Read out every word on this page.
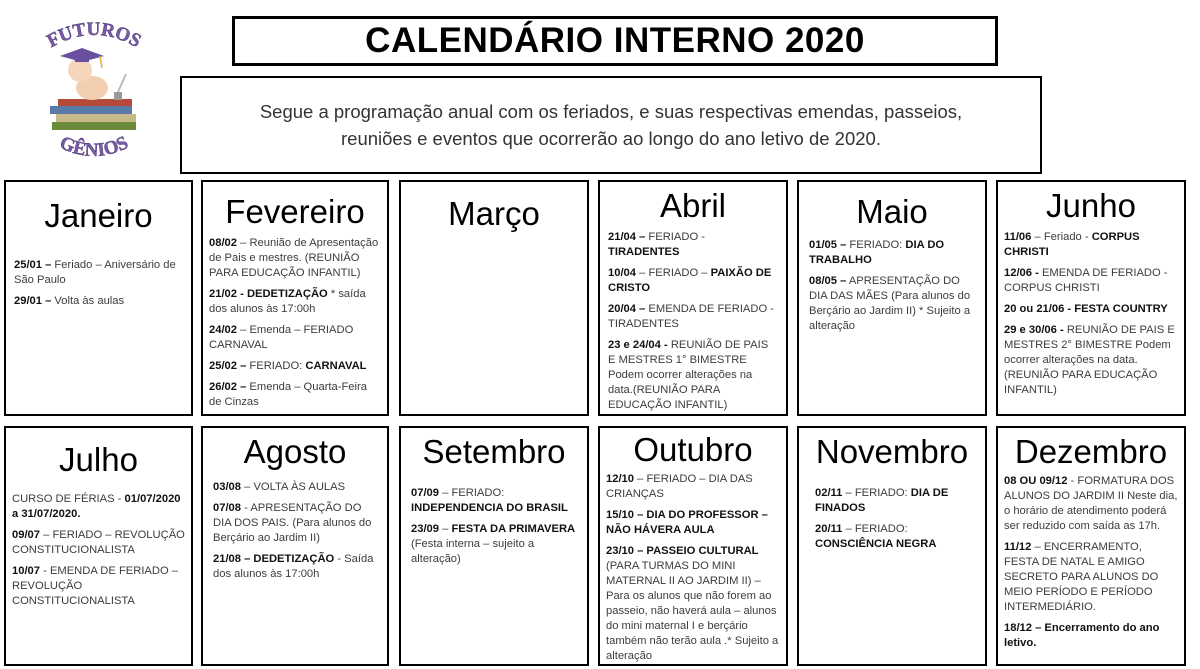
FUTUROS
GÊNIOS
CALENDÁRIO INTERNO 2020
Segue a programação anual com os feriados, e suas respectivas emendas, passeios,
reuniões e eventos que ocorrerão ao longo do ano letivo de 2020.
Janeiro
25/01 – Feriado – Aniversário de São Paulo
29/01 – Volta às aulas
Fevereiro
08/02 – Reunião de Apresentação de Pais e mestres. (REUNIÃO PARA EDUCAÇÃO INFANTIL)
21/02 - DEDETIZAÇÃO * saída dos alunos às 17:00h
24/02 – Emenda – FERIADO CARNAVAL
25/02 – FERIADO: CARNAVAL
26/02 – Emenda – Quarta-Feira de Cinzas
Março	Abril
21/04 – FERIADO - TIRADENTES
10/04 – FERIADO – PAIXÃO DE CRISTO
20/04 – EMENDA DE FERIADO - TIRADENTES
23 e 24/04 - REUNIÃO DE PAIS E MESTRES 1° BIMESTRE Podem ocorrer alterações na data.(REUNIÃO PARA EDUCAÇÃO INFANTIL)
Maio
01/05 – FERIADO: DIA DO TRABALHO
08/05 – APRESENTAÇÃO DO DIA DAS MÃES (Para alunos do Berçário ao Jardim II) * Sujeito a alteração
Junho
11/06 – Feriado - CORPUS CHRISTI
12/06 - EMENDA DE FERIADO - CORPUS CHRISTI
20 ou 21/06 - FESTA COUNTRY
29 e 30/06 - REUNIÃO DE PAIS E MESTRES 2° BIMESTRE Podem ocorrer alterações na data.(REUNIÃO PARA EDUCAÇÃO INFANTIL)
Julho
CURSO DE FÉRIAS - 01/07/2020 a 31/07/2020.
09/07 – FERIADO – REVOLUÇÃO CONSTITUCIONALISTA
10/07 - EMENDA DE FERIADO – REVOLUÇÃO CONSTITUCIONALISTA
Agosto
03/08 – VOLTA ÀS AULAS
07/08 - APRESENTAÇÃO DO DIA DOS PAIS. (Para alunos do Berçário ao Jardim II)
21/08 – DEDETIZAÇÃO - Saída dos alunos às 17:00h
Setembro
07/09 – FERIADO: INDEPENDENCIA DO BRASIL
23/09 – FESTA DA PRIMAVERA (Festa interna – sujeito a alteração)
Outubro
12/10 – FERIADO – DIA DAS CRIANÇAS
15/10 – DIA DO PROFESSOR – NÃO HÁVERA AULA
23/10 – PASSEIO CULTURAL (PARA TURMAS DO MINI MATERNAL II AO JARDIM II) – Para os alunos que não forem ao passeio, não haverá aula – alunos do mini maternal I e berçário também não terão aula .* Sujeito a alteração
Novembro
02/11 – FERIADO: DIA DE FINADOS
20/11 – FERIADO: CONSCIÊNCIA NEGRA
Dezembro
08 OU 09/12 - FORMATURA DOS ALUNOS DO JARDIM II Neste dia, o horário de atendimento poderá ser reduzido com saída as 17h.
11/12 – ENCERRAMENTO, FESTA DE NATAL E AMIGO SECRETO PARA ALUNOS DO MEIO PERÍODO E PERÍODO INTERMEDIÁRIO.
18/12 – Encerramento do ano letivo.
